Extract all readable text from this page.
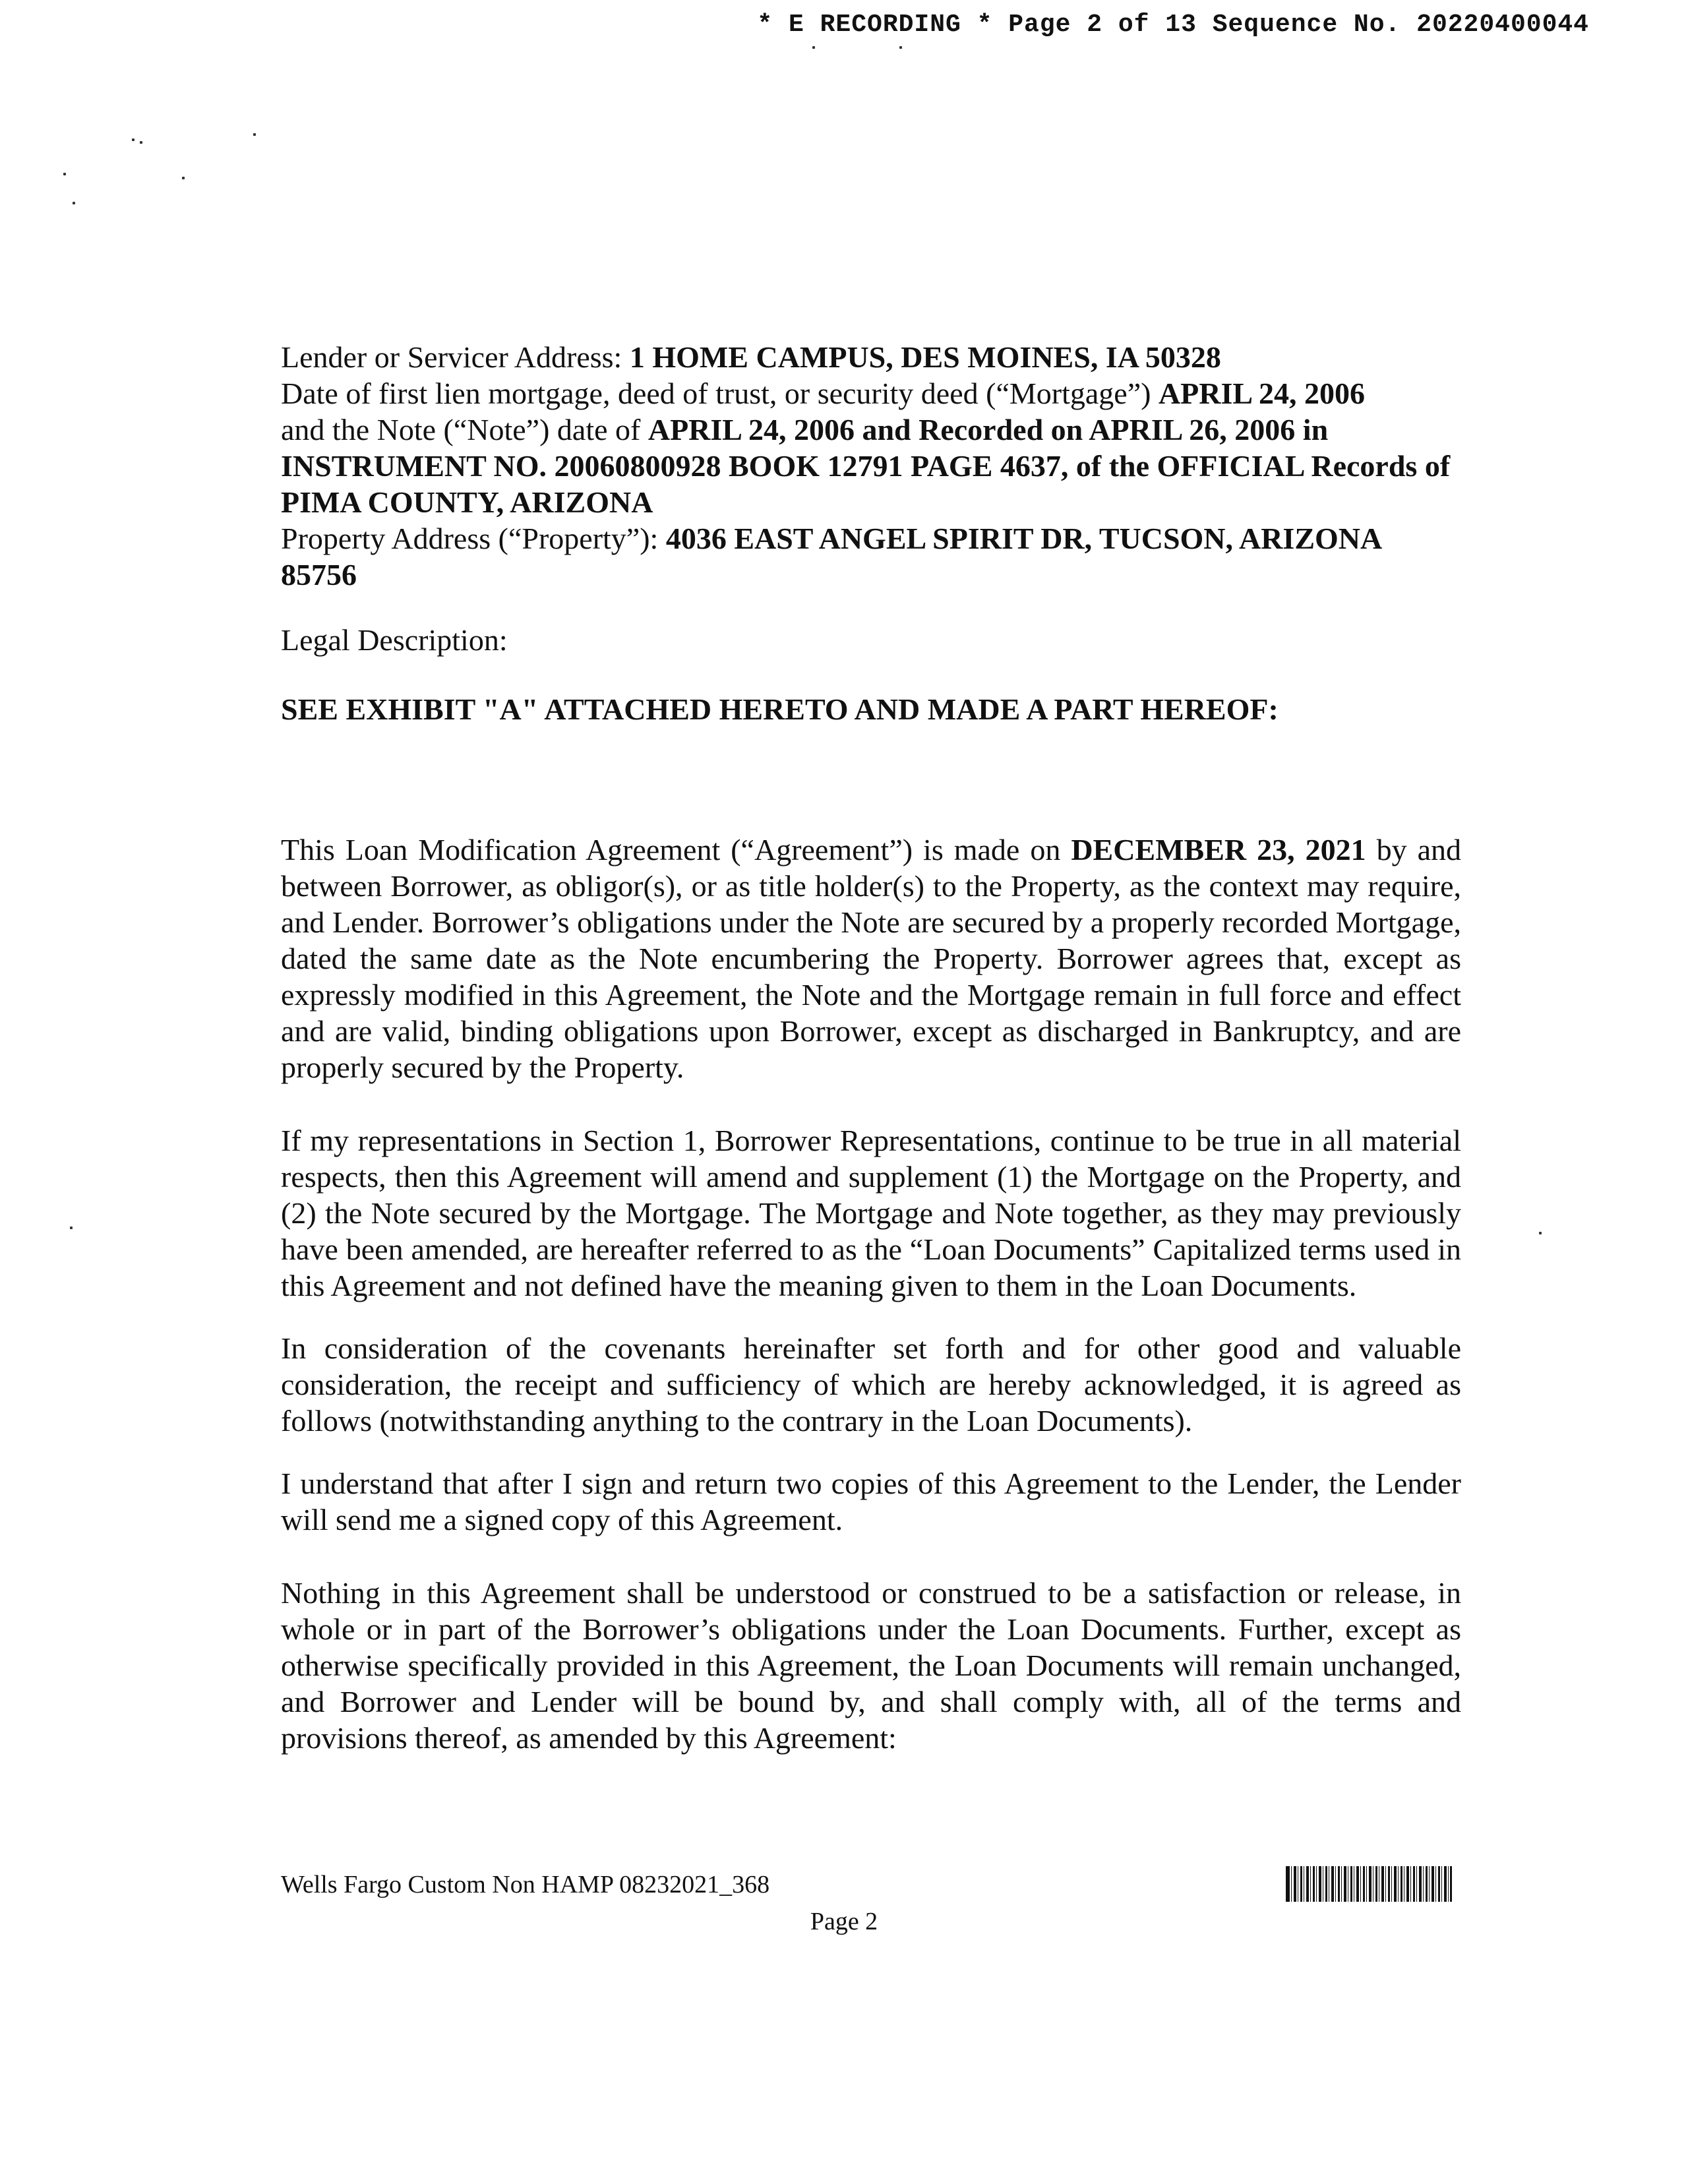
* E RECORDING * Page 2 of 13 Sequence No. 20220400044

Lender or Servicer Address: 1 HOME CAMPUS, DES MOINES, IA 50328

Date of first lien mortgage, deed of trust, or security deed (“Mortgage”) APRIL 24, 2006

and the Note (“Note”) date of APRIL 24, 2006 and Recorded on APRIL 26, 2006 in INSTRUMENT NO. 20060800928 BOOK 12791 PAGE 4637, of the OFFICIAL Records of PIMA COUNTY, ARIZONA

Property Address (“Property”): 4036 EAST ANGEL SPIRIT DR, TUCSON, ARIZONA 85756

Legal Description:

SEE EXHIBIT "A" ATTACHED HERETO AND MADE A PART HEREOF:

This Loan Modification Agreement (“Agreement”) is made on DECEMBER 23, 2021 by and between Borrower, as obligor(s), or as title holder(s) to the Property, as the context may require, and Lender. Borrower’s obligations under the Note are secured by a properly recorded Mortgage, dated the same date as the Note encumbering the Property. Borrower agrees that, except as expressly modified in this Agreement, the Note and the Mortgage remain in full force and effect and are valid, binding obligations upon Borrower, except as discharged in Bankruptcy, and are properly secured by the Property.

If my representations in Section 1, Borrower Representations, continue to be true in all material respects, then this Agreement will amend and supplement (1) the Mortgage on the Property, and (2) the Note secured by the Mortgage. The Mortgage and Note together, as they may previously have been amended, are hereafter referred to as the “Loan Documents” Capitalized terms used in this Agreement and not defined have the meaning given to them in the Loan Documents.

In consideration of the covenants hereinafter set forth and for other good and valuable consideration, the receipt and sufficiency of which are hereby acknowledged, it is agreed as follows (notwithstanding anything to the contrary in the Loan Documents).

I understand that after I sign and return two copies of this Agreement to the Lender, the Lender will send me a signed copy of this Agreement.

Nothing in this Agreement shall be understood or construed to be a satisfaction or release, in whole or in part of the Borrower’s obligations under the Loan Documents. Further, except as otherwise specifically provided in this Agreement, the Loan Documents will remain unchanged, and Borrower and Lender will be bound by, and shall comply with, all of the terms and provisions thereof, as amended by this Agreement:

Wells Fargo Custom Non HAMP 08232021_368
Page 2
